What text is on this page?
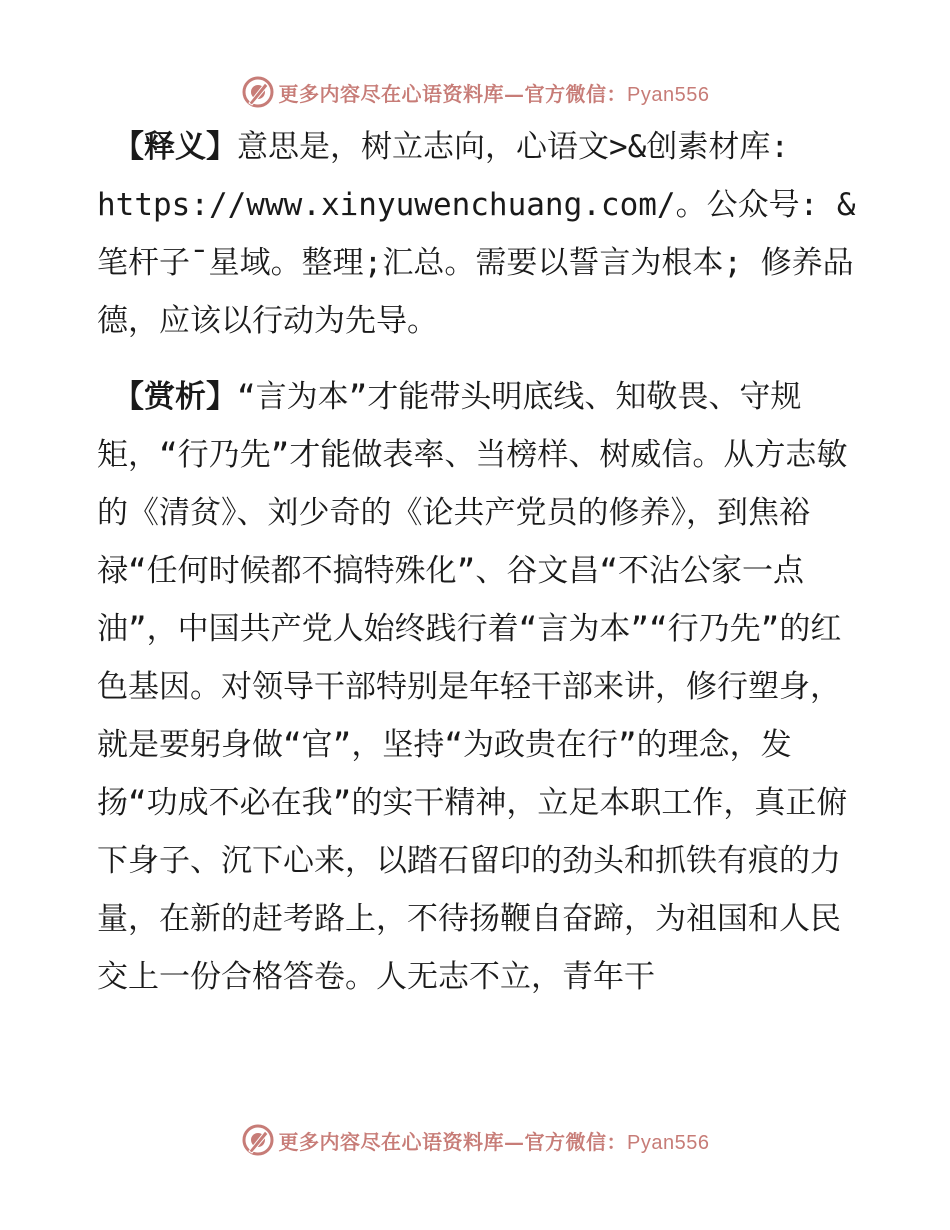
更多内容尽在心语资料库—官方微信：Pyan556

【释义】意思是，树立志向，心语文>&创素材库: https://www.xinyuwenchuang.com/。公众号: &笔杆子¯星域。整理;汇总。需要以誓言为根本; 修养品德，应该以行动为先导。

【赏析】“言为本”才能带头明底线、知敬畏、守规矩，“行乃先”才能做表率、当榜样、树威信。从方志敏的《清贫》、刘少奇的《论共产党员的修养》，到焦裕禄“任何时候都不搞特殊化”、谷文昌“不沾公家一点油”，中国共产党人始终践行着“言为本”“行乃先”的红色基因。对领导干部特别是年轻干部来讲，修行塑身，就是要躬身做“官”，坚持“为政贵在行”的理念，发扬“功成不必在我”的实干精神，立足本职工作，真正俯下身子、沉下心来，以踏石留印的劲头和抓铁有痕的力量，在新的赶考路上，不待扬鞭自奋蹄，为祖国和人民交上一份合格答卷。人无志不立，青年干

更多内容尽在心语资料库—官方微信：Pyan556
